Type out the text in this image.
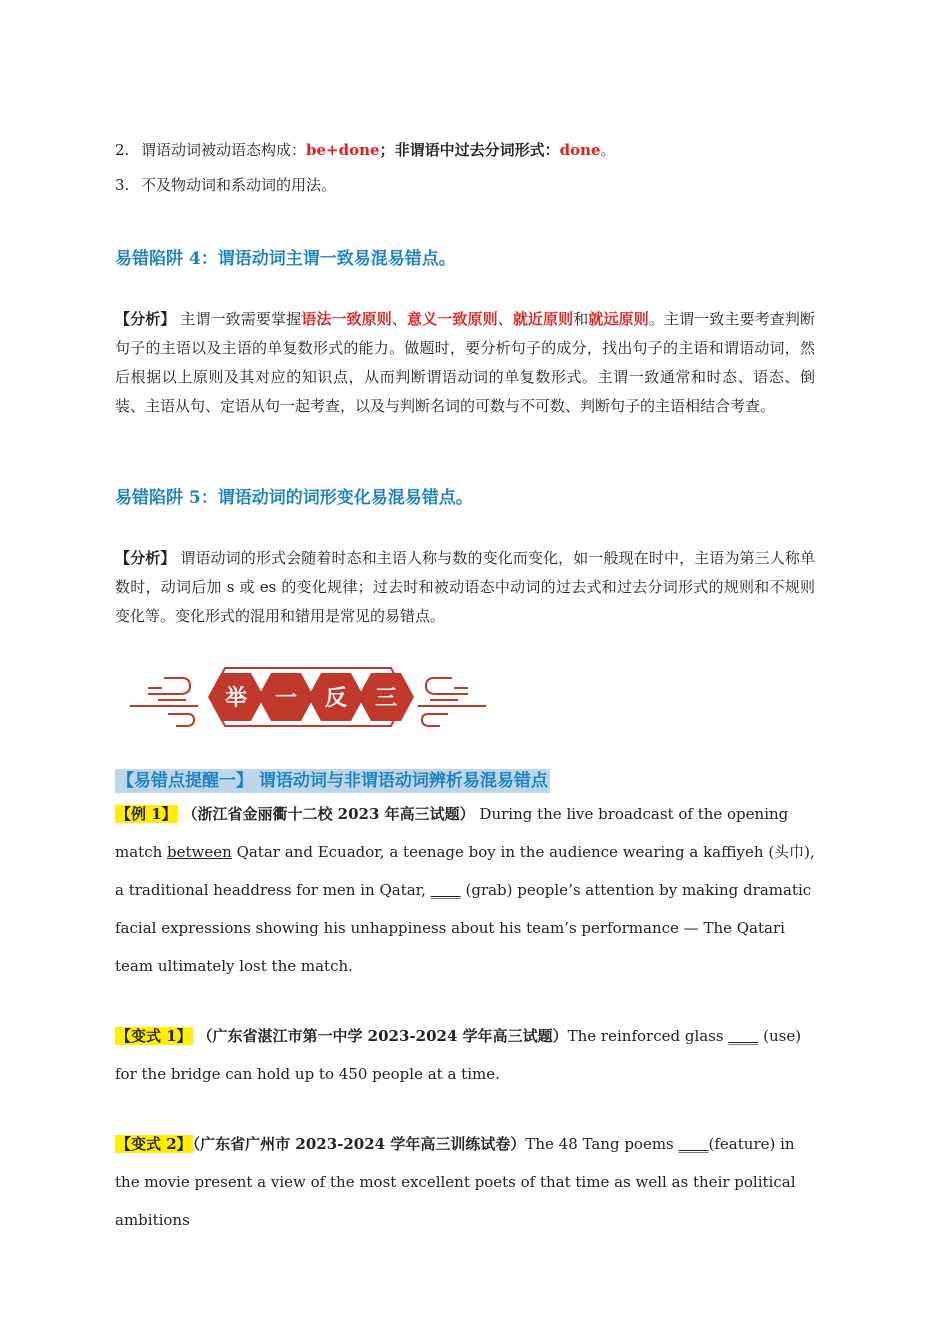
2. 谓语动词被动语态构成：be+done；非谓语中过去分词形式：done。
3. 不及物动词和系动词的用法。
易错陷阱 4：谓语动词主谓一致易混易错点。
【分析】 主谓一致需要掌握语法一致原则、意义一致原则、就近原则和就远原则。主谓一致主要考查判断句子的主语以及主语的单复数形式的能力。做题时，要分析句子的成分，找出句子的主语和谓语动词，然后根据以上原则及其对应的知识点，从而判断谓语动词的单复数形式。主谓一致通常和时态、语态、倒装、主语从句、定语从句一起考查，以及与判断名词的可数与不可数、判断句子的主语相结合考查。
易错陷阱 5：谓语动词的词形变化易混易错点。
【分析】 谓语动词的形式会随着时态和主语人称与数的变化而变化，如一般现在时中，主语为第三人称单数时，动词后加 s 或 es 的变化规律；过去时和被动语态中动词的过去式和过去分词形式的规则和不规则变化等。变化形式的混用和错用是常见的易错点。
举 一 反 三
【易错点提醒一】 谓语动词与非谓语动词辨析易混易错点
【例 1】 （浙江省金丽衢十二校 2023 年高三试题） During the live broadcast of the opening match between Qatar and Ecuador, a teenage boy in the audience wearing a kaffiyeh (头巾), a traditional headdress for men in Qatar, ____ (grab) people’s attention by making dramatic facial expressions showing his unhappiness about his team’s performance — The Qatari team ultimately lost the match.
【变式 1】 （广东省湛江市第一中学 2023-2024 学年高三试题）The reinforced glass ____ (use) for the bridge can hold up to 450 people at a time.
【变式 2】（广东省广州市 2023-2024 学年高三训练试卷）The 48 Tang poems ____(feature) in the movie present a view of the most excellent poets of that time as well as their political ambitions
